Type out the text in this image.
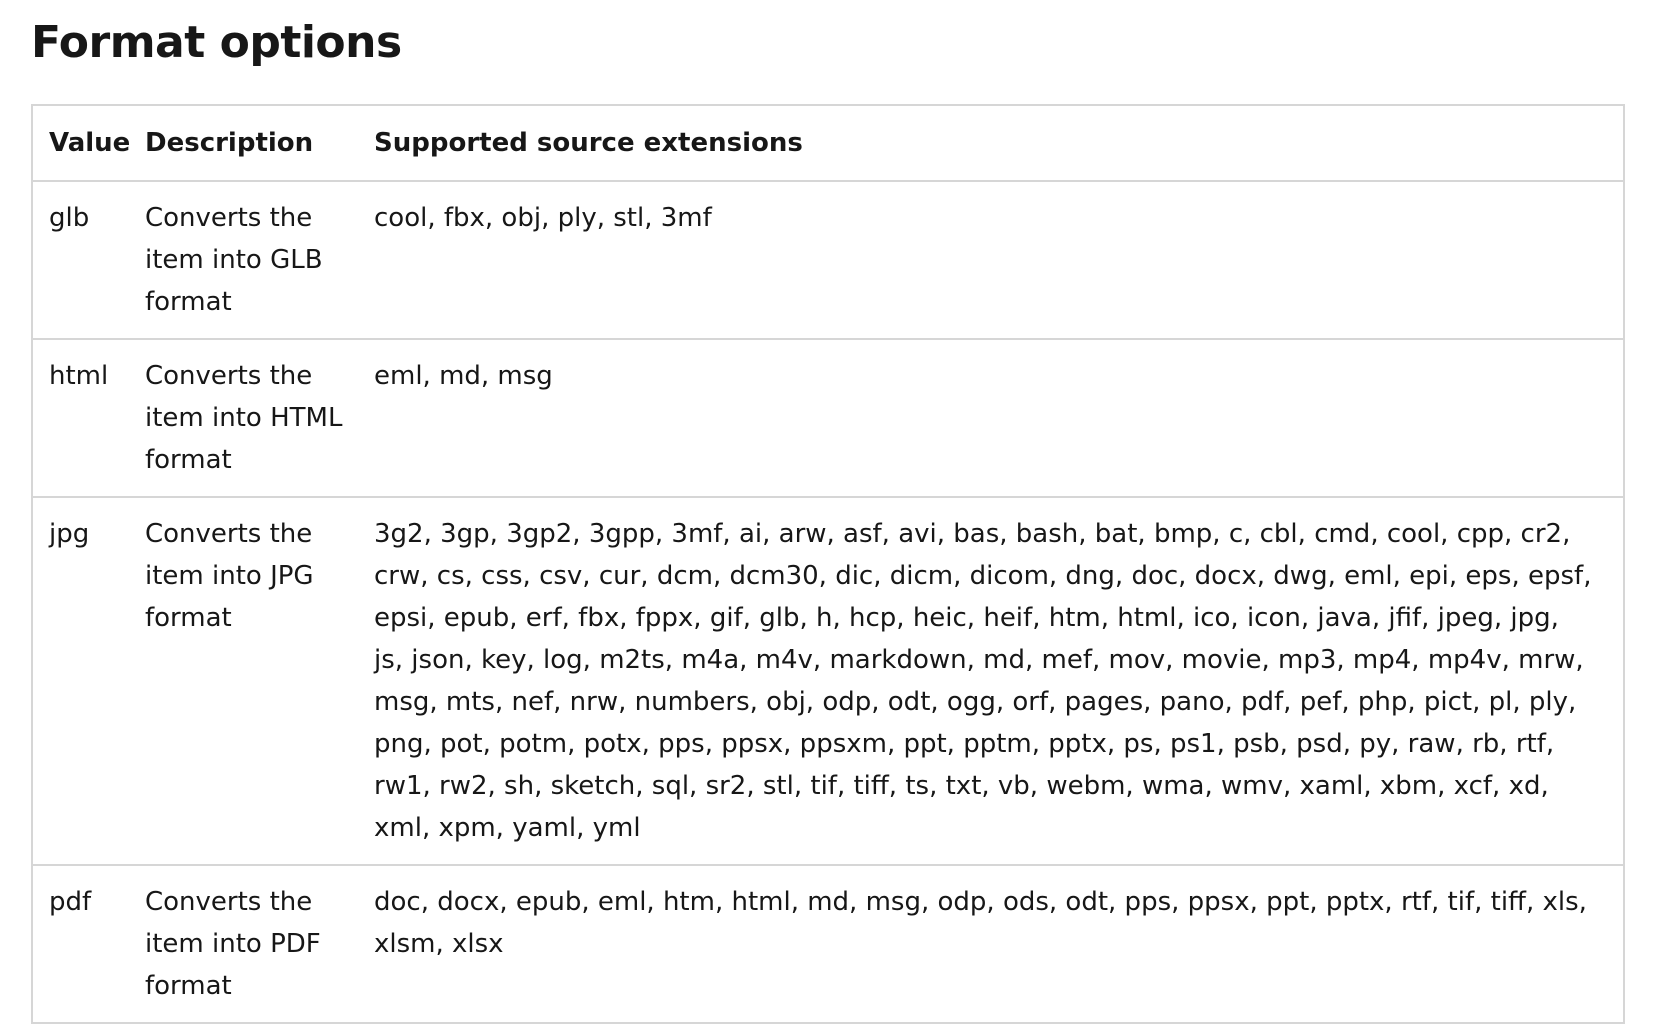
Format options
Value	Description	Supported source extensions
glb	Converts the item into GLB format	cool, fbx, obj, ply, stl, 3mf
html	Converts the item into HTML format	eml, md, msg
jpg	Converts the item into JPG format	3g2, 3gp, 3gp2, 3gpp, 3mf, ai, arw, asf, avi, bas, bash, bat, bmp, c, cbl, cmd, cool, cpp, cr2, crw, cs, css, csv, cur, dcm, dcm30, dic, dicm, dicom, dng, doc, docx, dwg, eml, epi, eps, epsf, epsi, epub, erf, fbx, fppx, gif, glb, h, hcp, heic, heif, htm, html, ico, icon, java, jfif, jpeg, jpg, js, json, key, log, m2ts, m4a, m4v, markdown, md, mef, mov, movie, mp3, mp4, mp4v, mrw, msg, mts, nef, nrw, numbers, obj, odp, odt, ogg, orf, pages, pano, pdf, pef, php, pict, pl, ply, png, pot, potm, potx, pps, ppsx, ppsxm, ppt, pptm, pptx, ps, ps1, psb, psd, py, raw, rb, rtf, rw1, rw2, sh, sketch, sql, sr2, stl, tif, tiff, ts, txt, vb, webm, wma, wmv, xaml, xbm, xcf, xd, xml, xpm, yaml, yml
pdf	Converts the item into PDF format	doc, docx, epub, eml, htm, html, md, msg, odp, ods, odt, pps, ppsx, ppt, pptx, rtf, tif, tiff, xls, xlsm, xlsx
